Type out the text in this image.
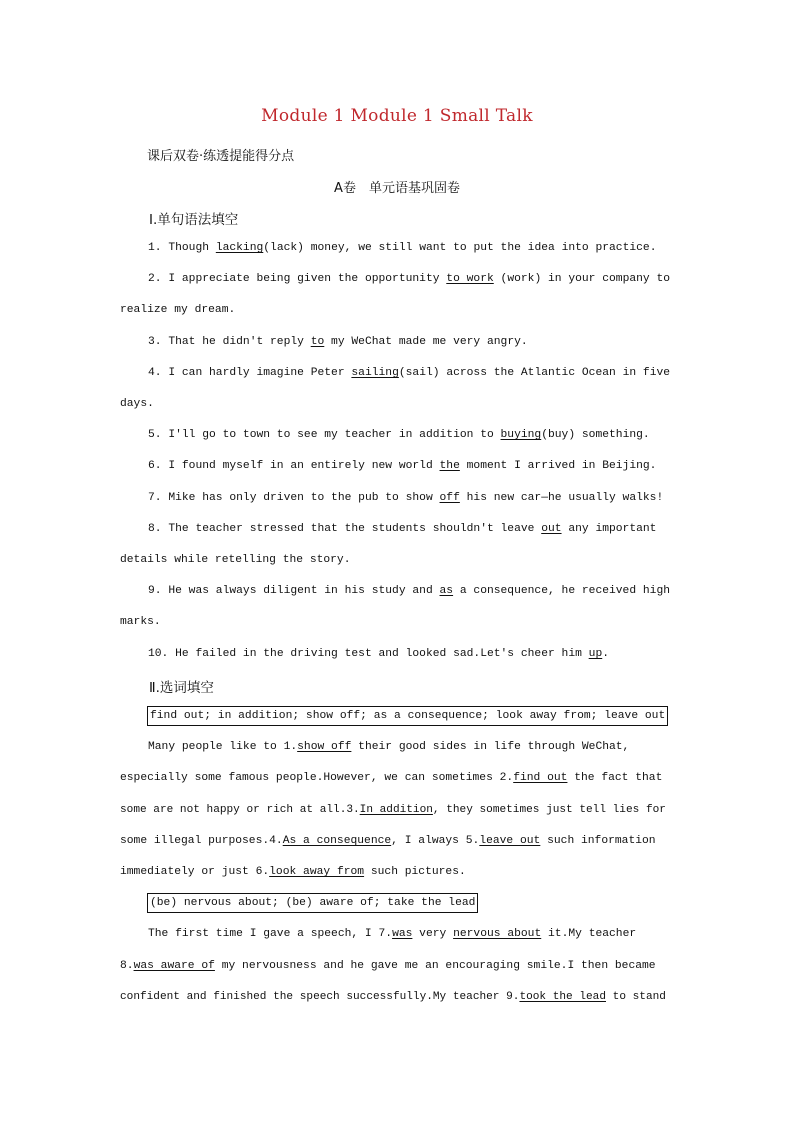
Module 1 Module 1 Small Talk
课后双卷·练透提能得分点
A卷　单元语基巩固卷
Ⅰ.单句语法填空
1. Though lacking(lack) money, we still want to put the idea into practice.
2. I appreciate being given the opportunity to work (work) in your company to
realize my dream.
3. That he didn't reply to my WeChat made me very angry.
4. I can hardly imagine Peter sailing(sail) across the Atlantic Ocean in five
days.
5. I'll go to town to see my teacher in addition to buying(buy) something.
6. I found myself in an entirely new world the moment I arrived in Beijing.
7. Mike has only driven to the pub to show off his new car—he usually walks!
8. The teacher stressed that the students shouldn't leave out any important
details while retelling the story.
9. He was always diligent in his study and as a consequence, he received high
marks.
10. He failed in the driving test and looked sad.Let's cheer him up.
Ⅱ.选词填空
find out; in addition; show off; as a consequence; look away from; leave out
Many people like to 1.show off their good sides in life through WeChat,
especially some famous people.However, we can sometimes 2.find out the fact that
some are not happy or rich at all.3.In addition, they sometimes just tell lies for
some illegal purposes.4.As a consequence, I always 5.leave out such information
immediately or just 6.look away from such pictures.
(be) nervous about; (be) aware of; take the lead
The first time I gave a speech, I 7.was very nervous about it.My teacher
8.was aware of my nervousness and he gave me an encouraging smile.I then became
confident and finished the speech successfully.My teacher 9.took the lead to stand
